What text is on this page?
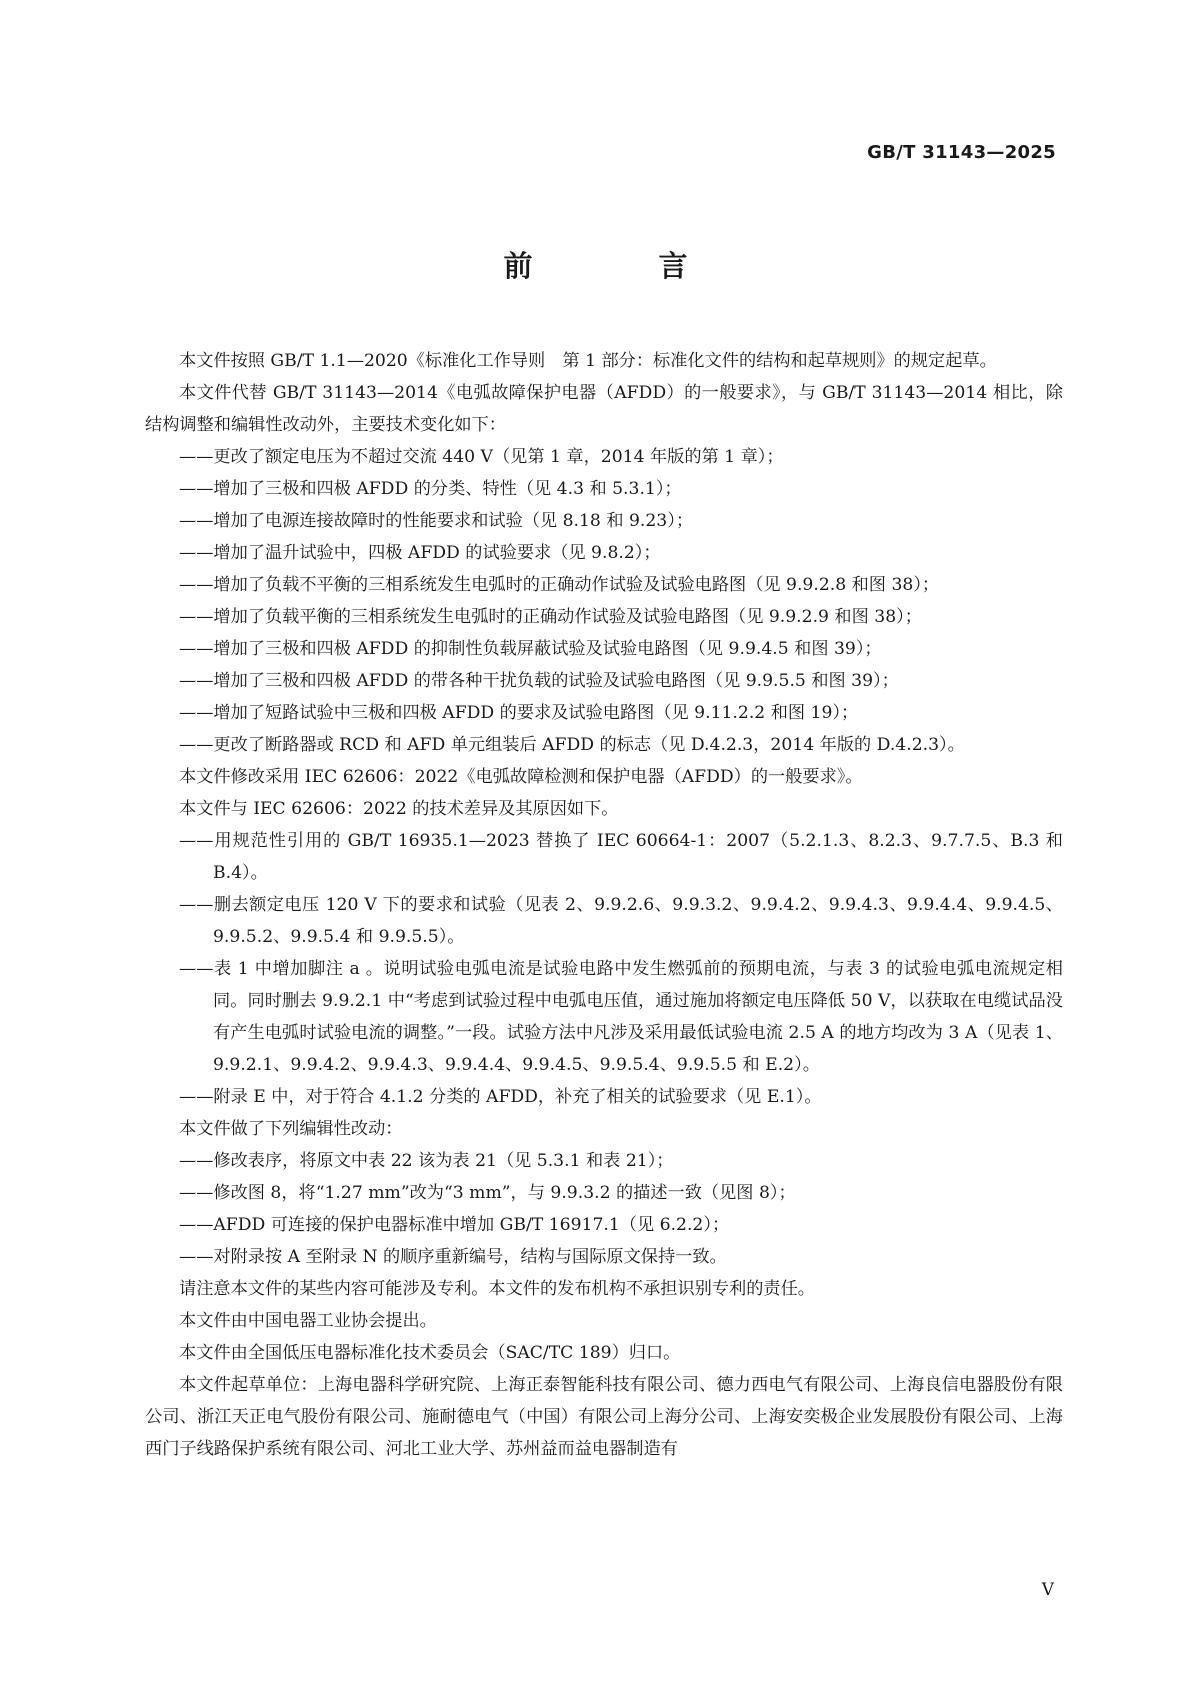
GB/T 31143—2025
前 言

本文件按照 GB/T 1.1—2020《标准化工作导则　第 1 部分：标准化文件的结构和起草规则》的规定起草。

本文件代替 GB/T 31143—2014《电弧故障保护电器（AFDD）的一般要求》，与 GB/T 31143—2014 相比，除结构调整和编辑性改动外，主要技术变化如下：

——更改了额定电压为不超过交流 440 V（见第 1 章，2014 年版的第 1 章）；

——增加了三极和四极 AFDD 的分类、特性（见 4.3 和 5.3.1）；

——增加了电源连接故障时的性能要求和试验（见 8.18 和 9.23）；

——增加了温升试验中，四极 AFDD 的试验要求（见 9.8.2）；

——增加了负载不平衡的三相系统发生电弧时的正确动作试验及试验电路图（见 9.9.2.8 和图 38）；

——增加了负载平衡的三相系统发生电弧时的正确动作试验及试验电路图（见 9.9.2.9 和图 38）；

——增加了三极和四极 AFDD 的抑制性负载屏蔽试验及试验电路图（见 9.9.4.5 和图 39）；

——增加了三极和四极 AFDD 的带各种干扰负载的试验及试验电路图（见 9.9.5.5 和图 39）；

——增加了短路试验中三极和四极 AFDD 的要求及试验电路图（见 9.11.2.2 和图 19）；

——更改了断路器或 RCD 和 AFD 单元组装后 AFDD 的标志（见 D.4.2.3，2014 年版的 D.4.2.3）。

本文件修改采用 IEC 62606：2022《电弧故障检测和保护电器（AFDD）的一般要求》。

本文件与 IEC 62606：2022 的技术差异及其原因如下。

——用规范性引用的 GB/T 16935.1—2023 替换了 IEC 60664-1：2007（5.2.1.3、8.2.3、9.7.7.5、B.3 和 B.4）。

——删去额定电压 120 V 下的要求和试验（见表 2、9.9.2.6、9.9.3.2、9.9.4.2、9.9.4.3、9.9.4.4、9.9.4.5、9.9.5.2、9.9.5.4 和 9.9.5.5）。

——表 1 中增加脚注 a 。说明试验电弧电流是试验电路中发生燃弧前的预期电流，与表 3 的试验电弧电流规定相同。同时删去 9.9.2.1 中“考虑到试验过程中电弧电压值，通过施加将额定电压降低 50 V，以获取在电缆试品没有产生电弧时试验电流的调整。”一段。试验方法中凡涉及采用最低试验电流 2.5 A 的地方均改为 3 A（见表 1、9.9.2.1、9.9.4.2、9.9.4.3、9.9.4.4、9.9.4.5、9.9.5.4、9.9.5.5 和 E.2）。

——附录 E 中，对于符合 4.1.2 分类的 AFDD，补充了相关的试验要求（见 E.1）。

本文件做了下列编辑性改动：

——修改表序，将原文中表 22 该为表 21（见 5.3.1 和表 21）；

——修改图 8，将“1.27 mm”改为“3 mm”，与 9.9.3.2 的描述一致（见图 8）；

——AFDD 可连接的保护电器标准中增加 GB/T 16917.1（见 6.2.2）；

——对附录按 A 至附录 N 的顺序重新编号，结构与国际原文保持一致。

请注意本文件的某些内容可能涉及专利。本文件的发布机构不承担识别专利的责任。

本文件由中国电器工业协会提出。

本文件由全国低压电器标准化技术委员会（SAC/TC 189）归口。

本文件起草单位：上海电器科学研究院、上海正泰智能科技有限公司、德力西电气有限公司、上海良信电器股份有限公司、浙江天正电气股份有限公司、施耐德电气（中国）有限公司上海分公司、上海安奕极企业发展股份有限公司、上海西门子线路保护系统有限公司、河北工业大学、苏州益而益电器制造有

V
